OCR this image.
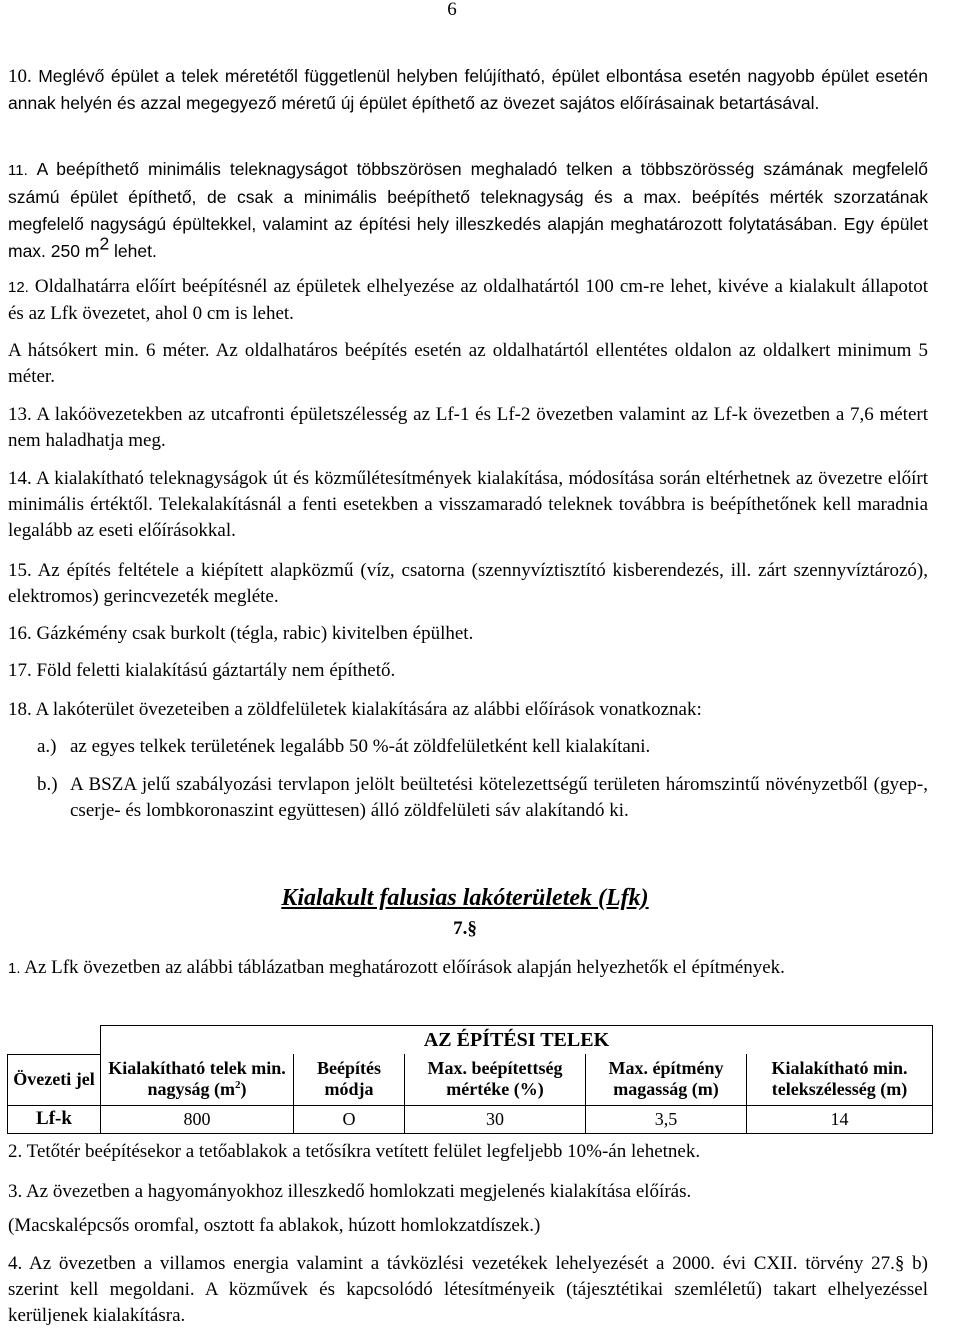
6

10. Meglévő épület a telek méretétől függetlenül helyben felújítható, épület elbontása esetén nagyobb épület esetén annak helyén és azzal megegyező méretű új épület építhető az övezet sajátos előírásainak betartásával.

11. A beépíthető minimális teleknagyságot többszörösen meghaladó telken a többszörösség számának megfelelő számú épület építhető, de csak a minimális beépíthető teleknagyság és a max. beépítés mérték szorzatának megfelelő nagyságú épültekkel, valamint az építési hely illeszkedés alapján meghatározott folytatásában. Egy épület max. 250 $m^2$ lehet.

12. Oldalhatárra előírt beépítésnél az épületek elhelyezése az oldalhatártól 100 cm-re lehet, kivéve a kialakult állapotot és az Lfk övezetet, ahol 0 cm is lehet.

A hátsókert min. 6 méter. Az oldalhatáros beépítés esetén az oldalhatártól ellentétes oldalon az oldalkert minimum 5 méter.

13. A lakóövezetekben az utcafronti épületszélesség az Lf-1 és Lf-2 övezetben valamint az Lf-k övezetben a 7,6 métert nem haladhatja meg.

14. A kialakítható teleknagyságok út és közműlétesítmények kialakítása, módosítása során eltérhetnek az övezetre előírt minimális értéktől. Telekalakításnál a fenti esetekben a visszamaradó teleknek továbbra is beépíthetőnek kell maradnia legalább az eseti előírásokkal.

15. Az építés feltétele a kiépített alapközmű (víz, csatorna (szennyvíztisztító kisberendezés, ill. zárt szennyvíztározó), elektromos) gerincvezeték megléte.

16. Gázkémény csak burkolt (tégla, rabic) kivitelben épülhet.

17. Föld feletti kialakítású gáztartály nem építhető.

18. A lakóterület övezeteiben a zöldfelületek kialakítására az alábbi előírások vonatkoznak:

a.) az egyes telkek területének legalább 50 %-át zöldfelületként kell kialakítani.
b.) A BSZA jelű szabályozási tervlapon jelölt beültetési kötelezettségű területen háromszintű növényzetből (gyep-, cserje- és lombkoronaszint együttesen) álló zöldfelületi sáv alakítandó ki.
Kialakult falusias lakóterületek (Lfk)
7.§

1. Az Lfk övezetben az alábbi táblázatban meghatározott előírások alapján helyezhetők el építmények.

	AZ ÉPÍTÉSI TELEK				
Övezeti jel	Kialakítható telek min. nagyság $(m^2)$	Beépítés módja	Max. beépítettség mértéke (%)	Max. építmény magasság (m)	Kialakítható min. telekszélesség (m)
Lf-k	800	O	30	3,5	14

2. Tetőtér beépítésekor a tetőablakok a tetősíkra vetített felület legfeljebb 10%-án lehetnek.

3. Az övezetben a hagyományokhoz illeszkedő homlokzati megjelenés kialakítása előírás.

(Macskalépcsős oromfal, osztott fa ablakok, húzott homlokzatdíszek.)

4. Az övezetben a villamos energia valamint a távközlési vezetékek lehelyezését a 2000. évi CXII. törvény 27.§ b) szerint kell megoldani. A közművek és kapcsolódó létesítményeik (tájesztétikai szemléletű) takart elhelyezéssel kerüljenek kialakításra.
